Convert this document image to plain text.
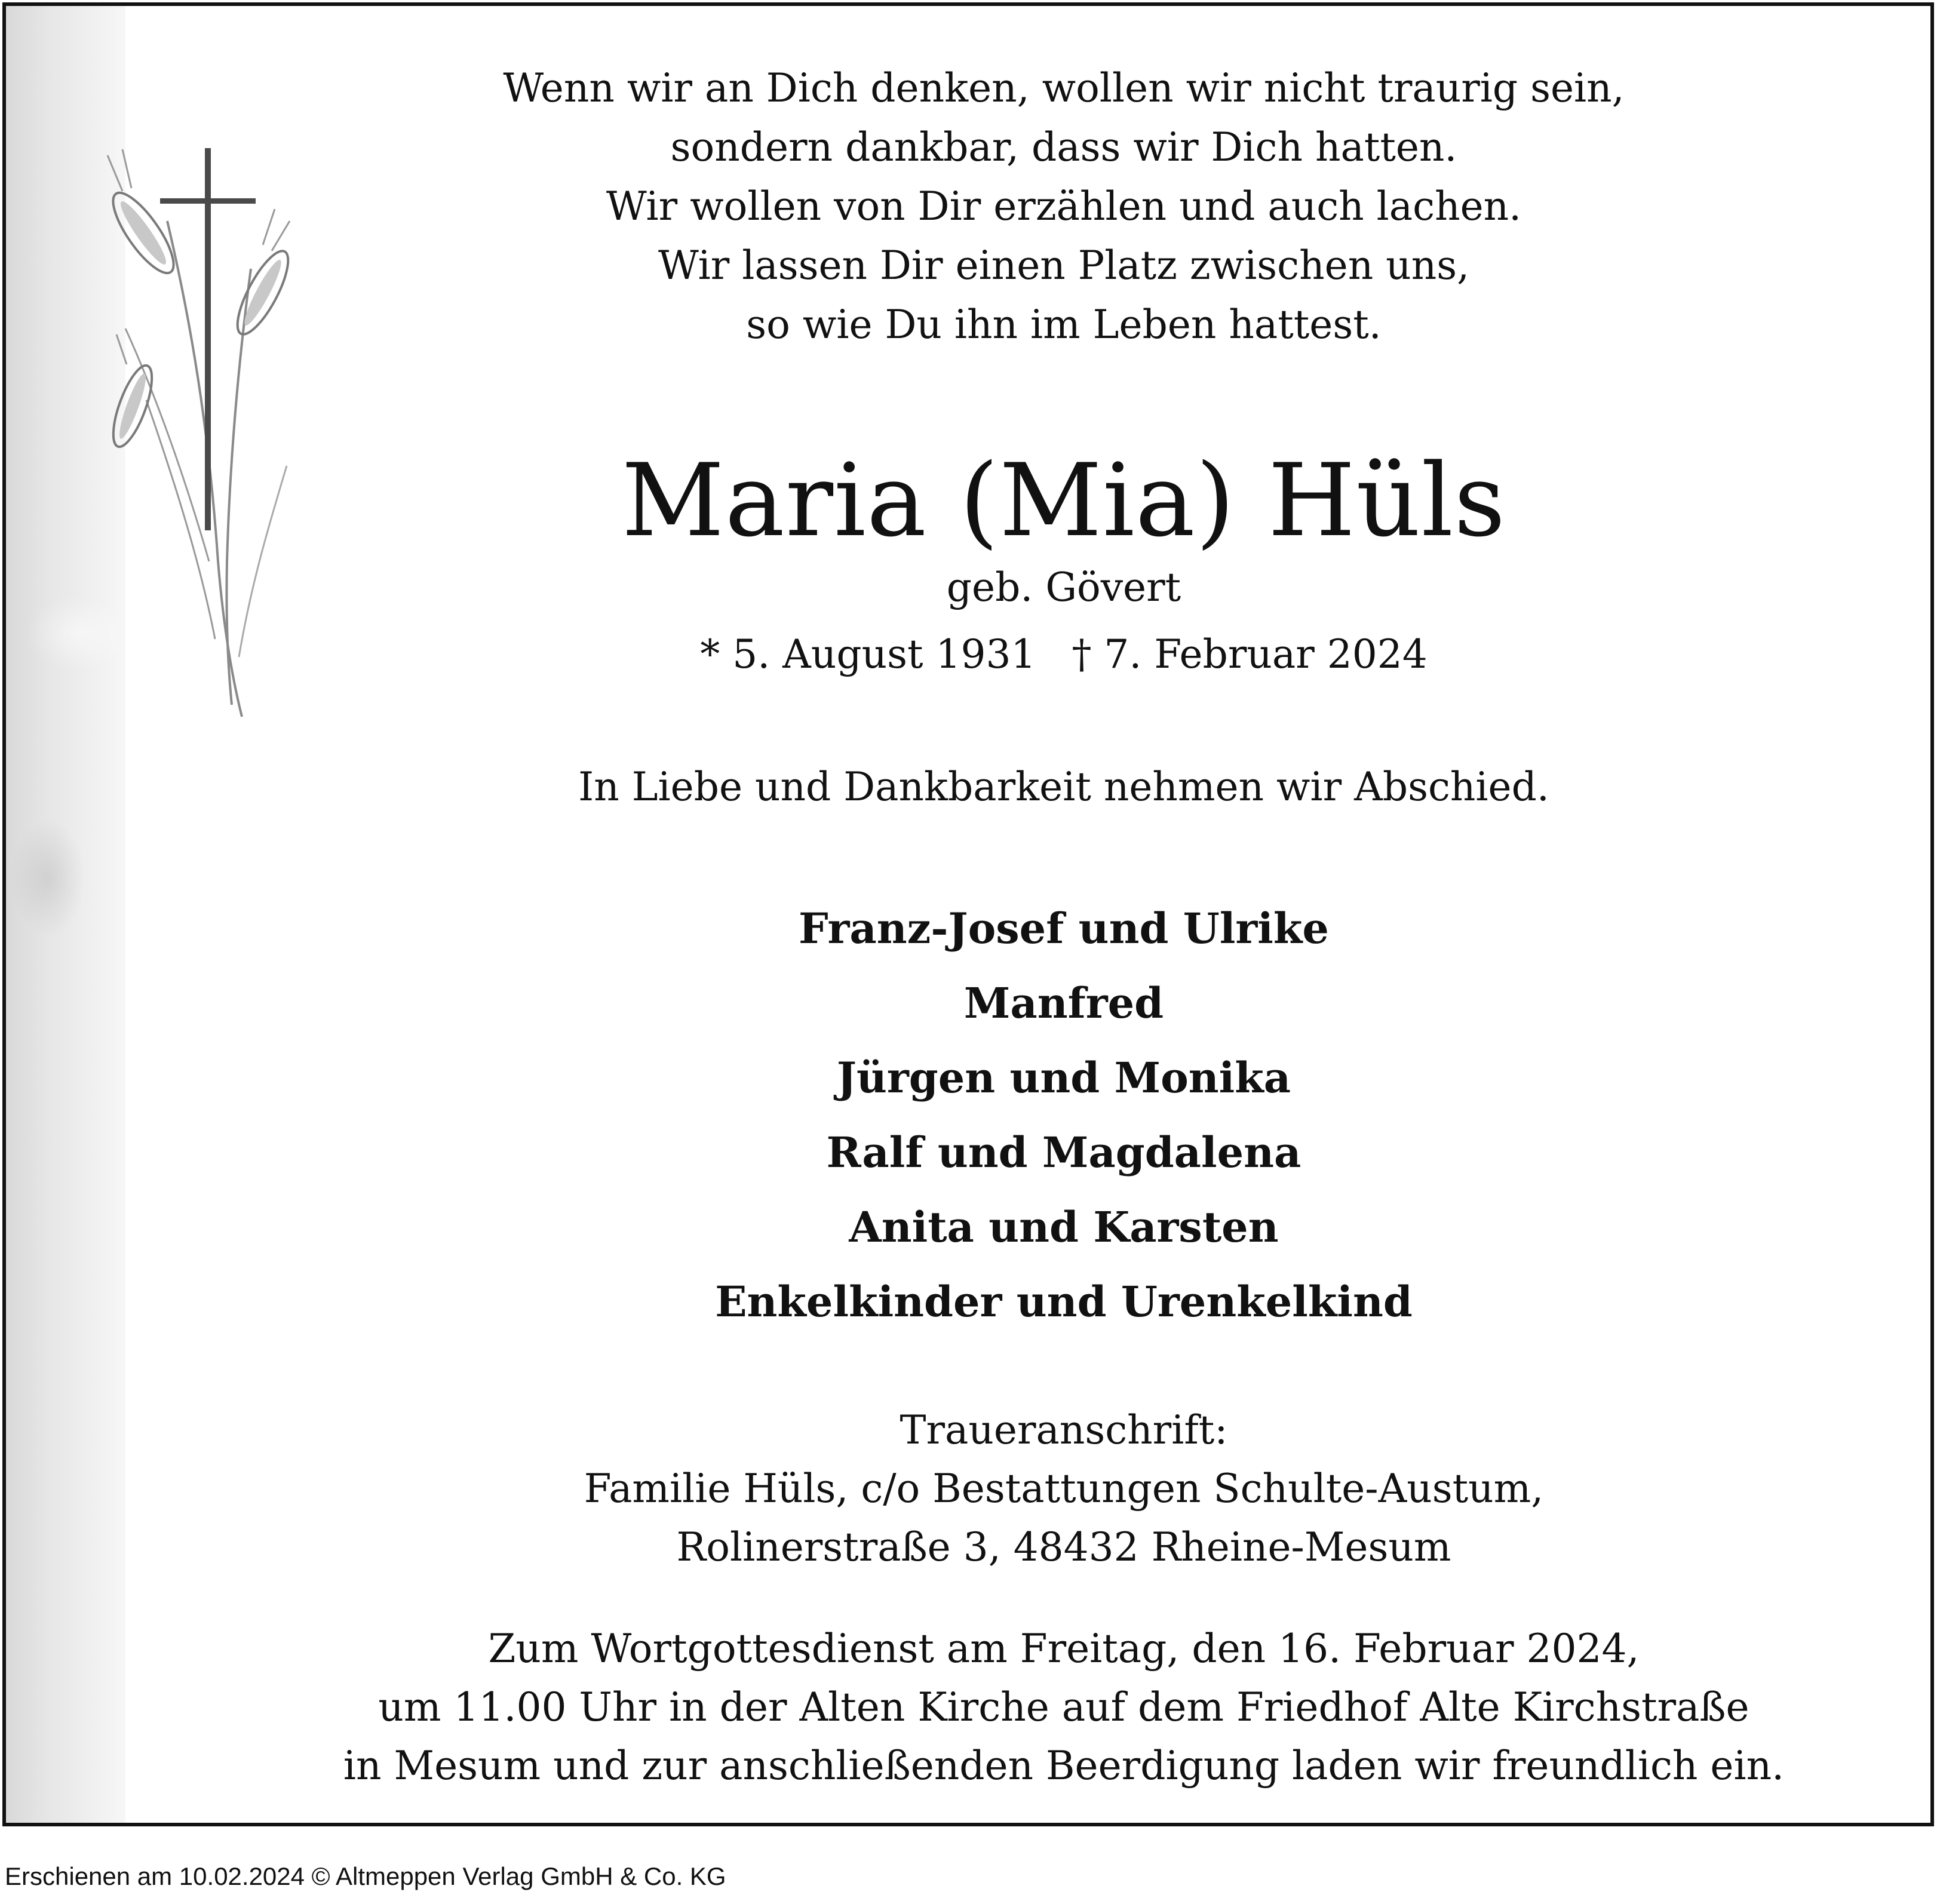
Wenn wir an Dich denken, wollen wir nicht traurig sein,
sondern dankbar, dass wir Dich hatten.
Wir wollen von Dir erzählen und auch lachen.
Wir lassen Dir einen Platz zwischen uns,
so wie Du ihn im Leben hattest.
Maria (Mia) Hüls
geb. Gövert
* 5. August 1931 † 7. Februar 2024
In Liebe und Dankbarkeit nehmen wir Abschied.
Franz-Josef und Ulrike
Manfred
Jürgen und Monika
Ralf und Magdalena
Anita und Karsten
Enkelkinder und Urenkelkind
Traueranschrift:
Familie Hüls, c/o Bestattungen Schulte-Austum,
Rolinerstraße 3, 48432 Rheine-Mesum
Zum Wortgottesdienst am Freitag, den 16. Februar 2024,
um 11.00 Uhr in der Alten Kirche auf dem Friedhof Alte Kirchstraße
in Mesum und zur anschließenden Beerdigung laden wir freundlich ein.
Erschienen am 10.02.2024 © Altmeppen Verlag GmbH & Co. KG
